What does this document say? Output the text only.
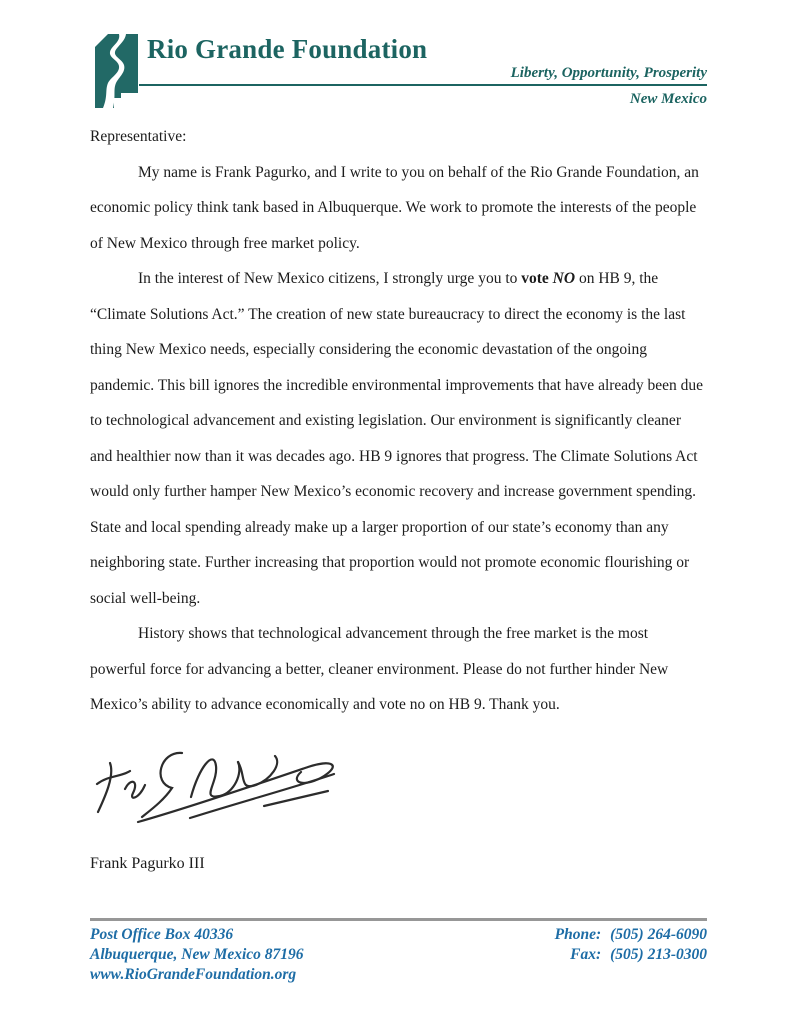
Rio Grande Foundation
Liberty, Opportunity, Prosperity
New Mexico

Representative:

My name is Frank Pagurko, and I write to you on behalf of the Rio Grande Foundation, an economic policy think tank based in Albuquerque. We work to promote the interests of the people of New Mexico through free market policy.

In the interest of New Mexico citizens, I strongly urge you to vote NO on HB 9, the “Climate Solutions Act.” The creation of new state bureaucracy to direct the economy is the last thing New Mexico needs, especially considering the economic devastation of the ongoing pandemic. This bill ignores the incredible environmental improvements that have already been due to technological advancement and existing legislation. Our environment is significantly cleaner and healthier now than it was decades ago. HB 9 ignores that progress. The Climate Solutions Act would only further hamper New Mexico’s economic recovery and increase government spending. State and local spending already make up a larger proportion of our state’s economy than any neighboring state. Further increasing that proportion would not promote economic flourishing or social well-being.

History shows that technological advancement through the free market is the most powerful force for advancing a better, cleaner environment. Please do not further hinder New Mexico’s ability to advance economically and vote no on HB 9. Thank you.

Frank Pagurko III
Post Office Box 40336
Albuquerque, New Mexico 87196
www.RioGrandeFoundation.org
Phone: (505) 264-6090
Fax: (505) 213-0300
